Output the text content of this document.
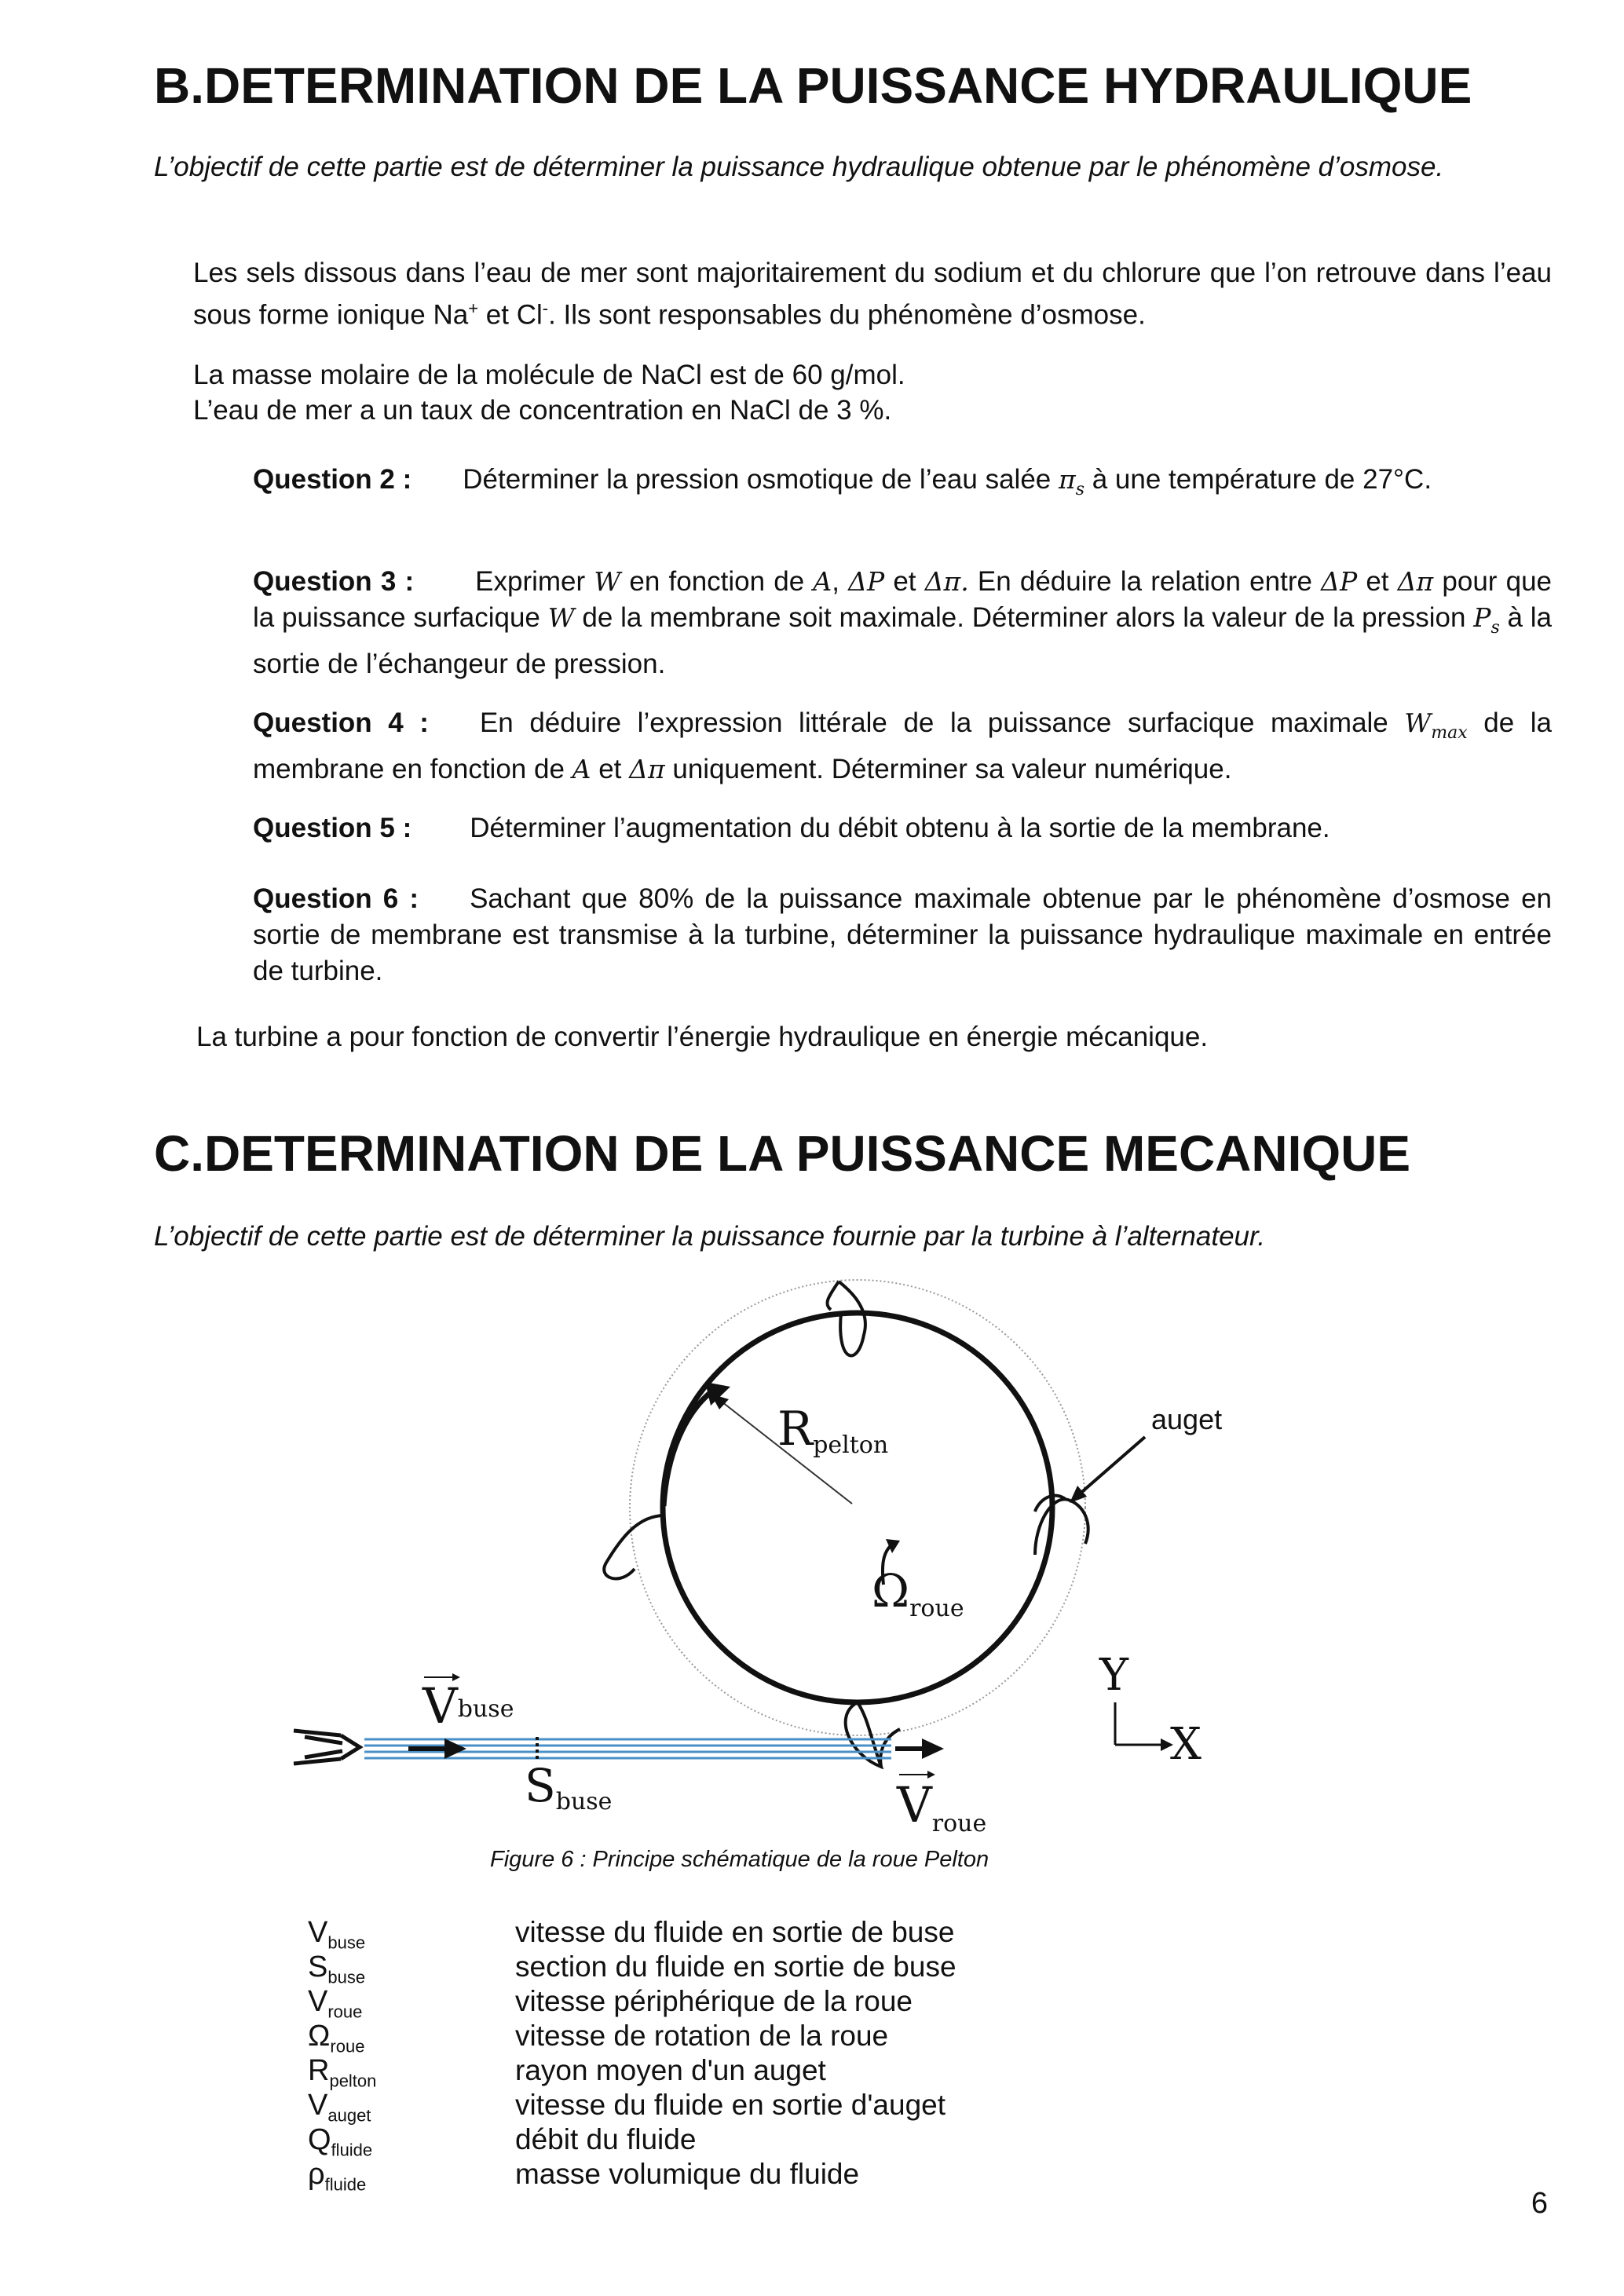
B.DETERMINATION DE LA PUISSANCE HYDRAULIQUE
L’objectif de cette partie est de déterminer la puissance hydraulique obtenue par le phénomène d’osmose.
Les sels dissous dans l’eau de mer sont majoritairement du sodium et du chlorure que l’on retrouve dans l’eau sous forme ionique Na+ et Cl-. Ils sont responsables du phénomène d’osmose.
La masse molaire de la molécule de NaCl est de 60 g/mol.
L’eau de mer a un taux de concentration en NaCl de 3 %.
Question 2 : Déterminer la pression osmotique de l’eau salée $\pi_s$ à une température de 27°C.
Question 3 : Exprimer W en fonction de A, ΔP et Δπ. En déduire la relation entre ΔP et Δπ pour que la puissance surfacique W de la membrane soit maximale. Déterminer alors la valeur de la pression $P_s$ à la sortie de l’échangeur de pression.
Question 4 : En déduire l’expression littérale de la puissance surfacique maximale $W_{max}$ de la membrane en fonction de A et Δπ uniquement. Déterminer sa valeur numérique.
Question 5 : Déterminer l’augmentation du débit obtenu à la sortie de la membrane.
Question 6 : Sachant que 80% de la puissance maximale obtenue par le phénomène d’osmose en sortie de membrane est transmise à la turbine, déterminer la puissance hydraulique maximale en entrée de turbine.
La turbine a pour fonction de convertir l’énergie hydraulique en énergie mécanique.
C.DETERMINATION DE LA PUISSANCE MECANIQUE
L’objectif de cette partie est de déterminer la puissance fournie par la turbine à l’alternateur.
Rpelton
$\Omega_{roue}$
Vbuse
Sbuse	Vroue
Y
X
auget
Figure 6 : Principe schématique de la roue Pelton
$V_{buse}$	vitesse du fluide en sortie de buse
$S_{buse}$	section du fluide en sortie de buse
$V_{roue}$	vitesse périphérique de la roue
$\Omega_{roue}$	vitesse de rotation de la roue
$R_{pelton}$	rayon moyen d'un auget
$V_{auget}$	vitesse du fluide en sortie d'auget
$Q_{fluide}$	débit du fluide
$\rho_{fluide}$	masse volumique du fluide
6
